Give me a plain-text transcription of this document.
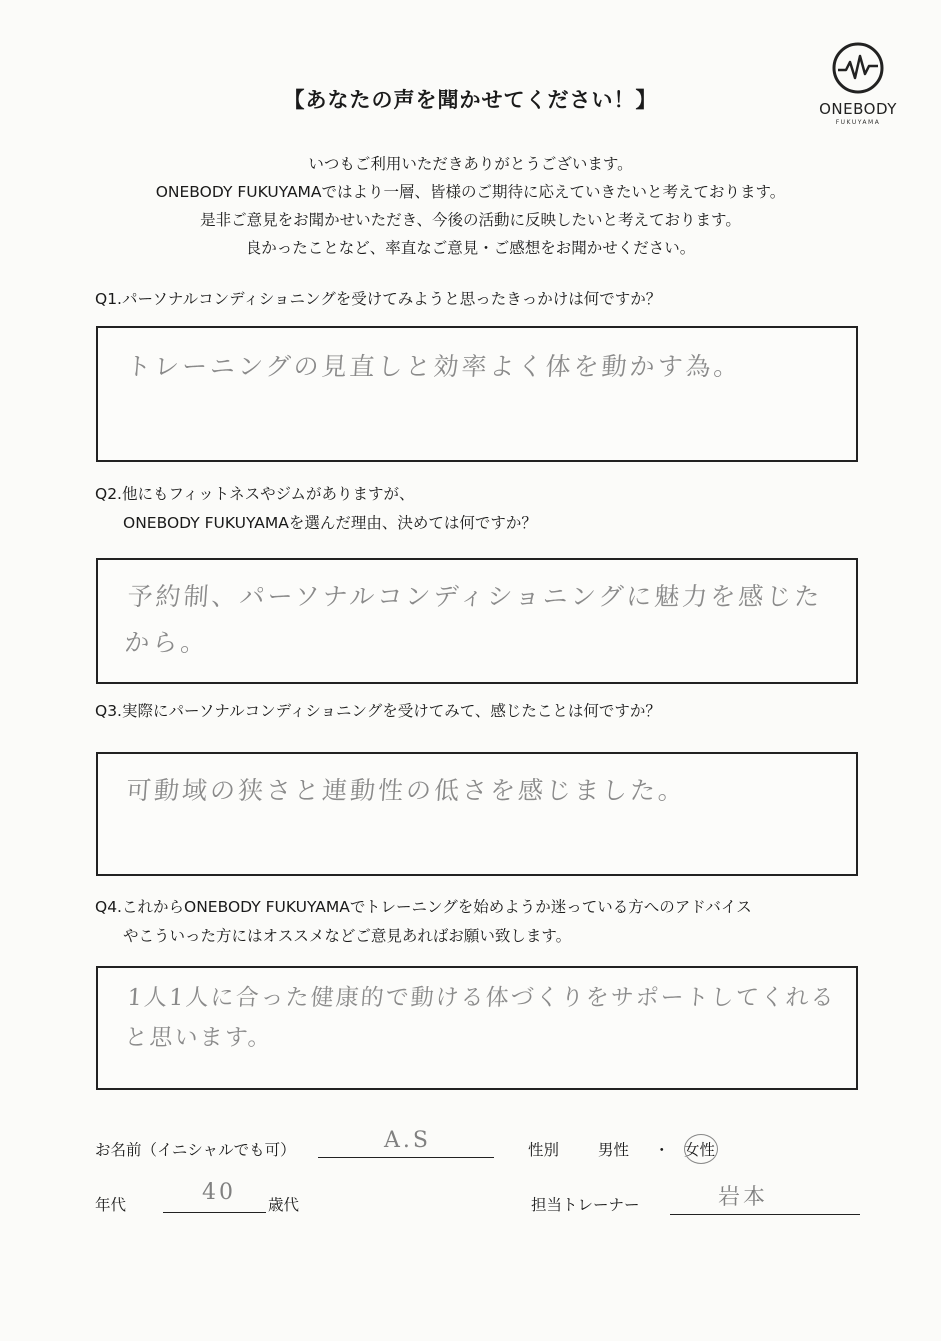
ONEBODY
FUKUYAMA
【あなたの声を聞かせてください！】
いつもご利用いただきありがとうございます。
ONEBODY FUKUYAMAではより一層、皆様のご期待に応えていきたいと考えております。
是非ご意見をお聞かせいただき、今後の活動に反映したいと考えております。
良かったことなど、率直なご意見・ご感想をお聞かせください。
Q1.パーソナルコンディショニングを受けてみようと思ったきっかけは何ですか？
トレーニングの見直しと効率よく体を動かす為。
Q2.他にもフィットネスやジムがありますが、
ONEBODY FUKUYAMAを選んだ理由、決めては何ですか？
予約制、パーソナルコンディショニングに魅力を感じたから。
Q3.実際にパーソナルコンディショニングを受けてみて、感じたことは何ですか？
可動域の狭さと連動性の低さを感じました。
Q4.これからONEBODY FUKUYAMAでトレーニングを始めようか迷っている方へのアドバイス
やこういった方にはオススメなどご意見あればお願い致します。
1人1人に合った健康的で動ける体づくりをサポートしてくれる
と思います。
お名前（イニシャルでも可）	A.S	性別	男性 ・ 女性
年代	40 歳代	担当トレーナー	岩本
